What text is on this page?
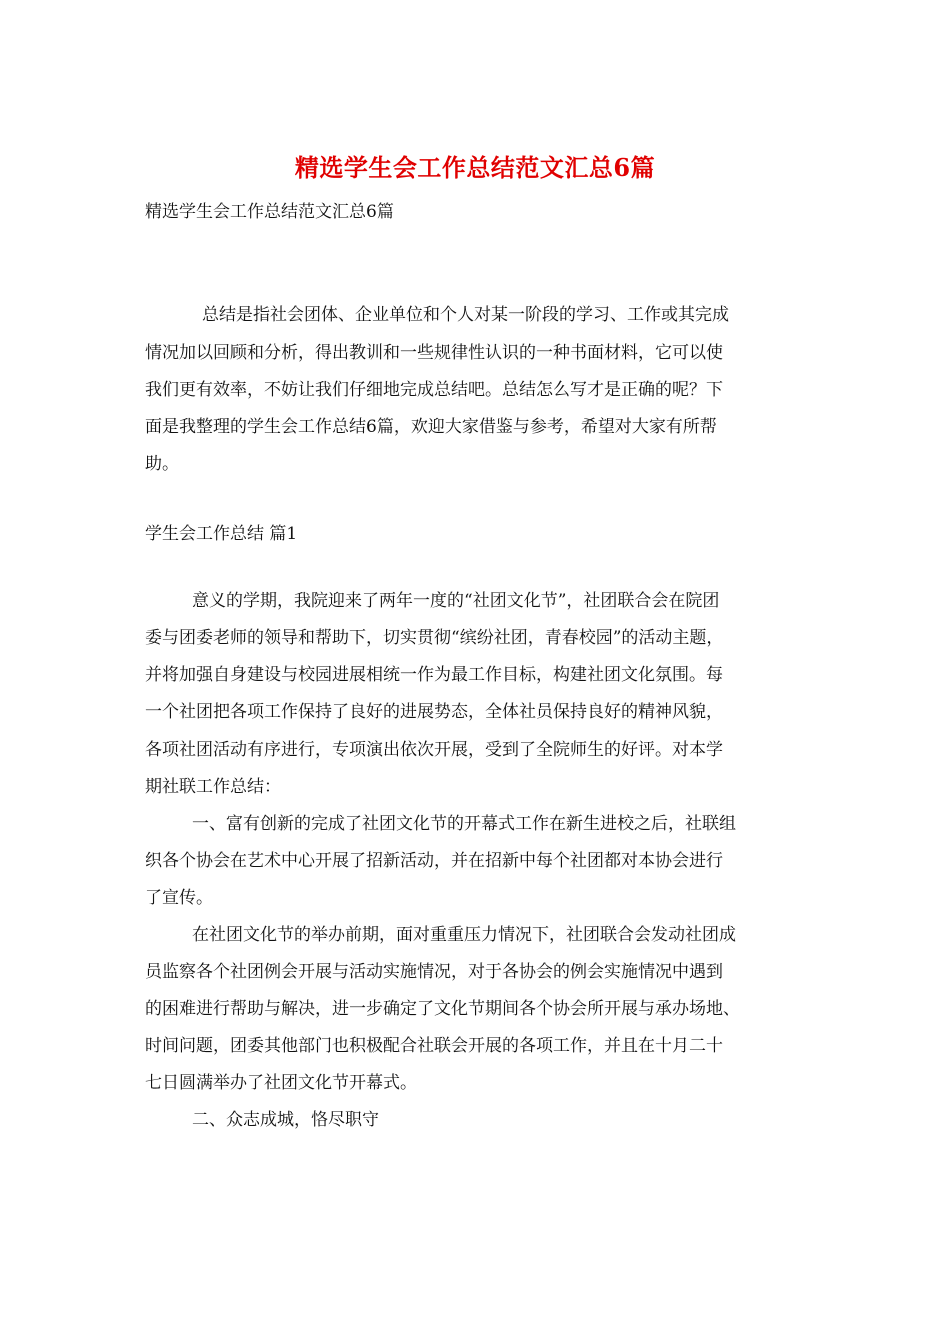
精选学生会工作总结范文汇总6篇

精选学生会工作总结范文汇总6篇

总结是指社会团体、企业单位和个人对某一阶段的学习、工作或其完成

情况加以回顾和分析，得出教训和一些规律性认识的一种书面材料，它可以使

我们更有效率，不妨让我们仔细地完成总结吧。总结怎么写才是正确的呢？下

面是我整理的学生会工作总结6篇，欢迎大家借鉴与参考，希望对大家有所帮

助。

学生会工作总结 篇1

意义的学期，我院迎来了两年一度的“社团文化节”，社团联合会在院团

委与团委老师的领导和帮助下，切实贯彻“缤纷社团，青春校园”的活动主题，

并将加强自身建设与校园进展相统一作为最工作目标，构建社团文化氛围。每

一个社团把各项工作保持了良好的进展势态，全体社员保持良好的精神风貌，

各项社团活动有序进行，专项演出依次开展，受到了全院师生的好评。对本学

期社联工作总结：

一、富有创新的完成了社团文化节的开幕式工作在新生进校之后，社联组

织各个协会在艺术中心开展了招新活动，并在招新中每个社团都对本协会进行

了宣传。

在社团文化节的举办前期，面对重重压力情况下，社团联合会发动社团成

员监察各个社团例会开展与活动实施情况，对于各协会的例会实施情况中遇到

的困难进行帮助与解决，进一步确定了文化节期间各个协会所开展与承办场地、

时间问题，团委其他部门也积极配合社联会开展的各项工作，并且在十月二十

七日圆满举办了社团文化节开幕式。

二、众志成城，恪尽职守
